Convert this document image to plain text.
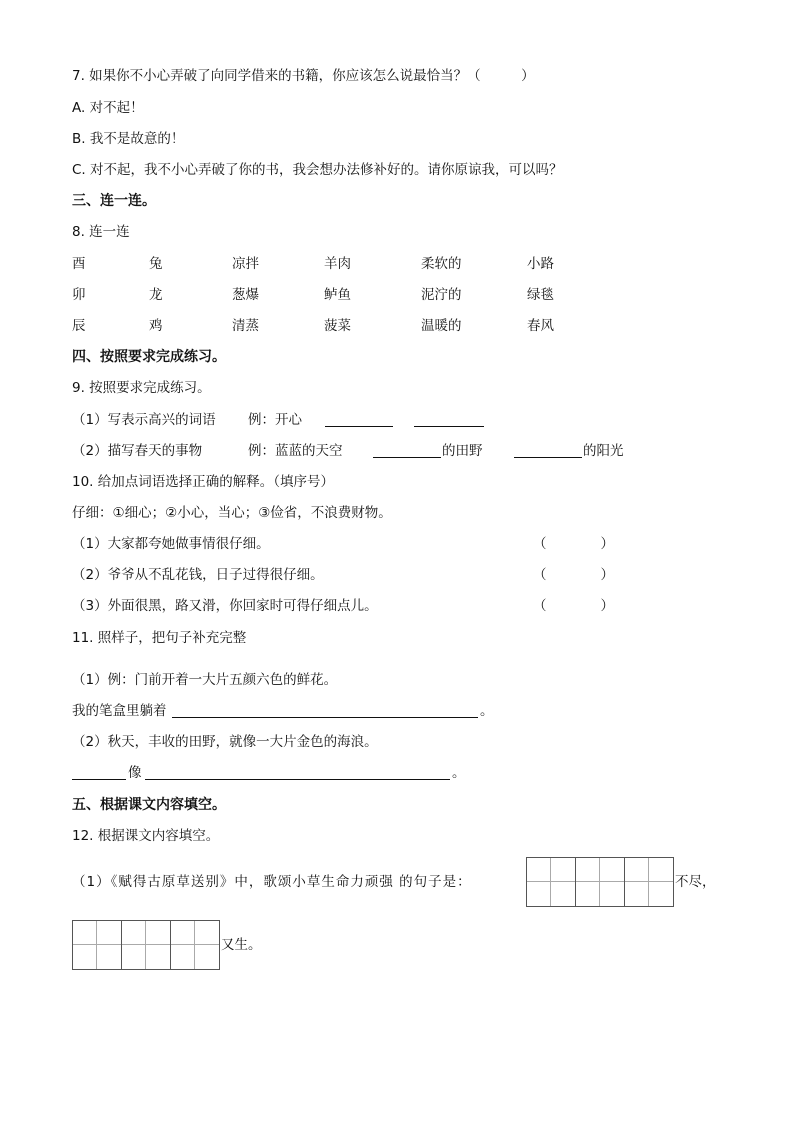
7. 如果你不小心弄破了向同学借来的书籍，你应该怎么说最恰当？（　　　）
A. 对不起！
B. 我不是故意的！
C. 对不起，我不小心弄破了你的书，我会想办法修补好的。请你原谅我，可以吗？
三、连一连。
8. 连一连
酉	兔	凉拌	羊肉	柔软的	小路
卯	龙	葱爆	鲈鱼	泥泞的	绿毯
辰	鸡	清蒸	菠菜	温暖的	春风
四、按照要求完成练习。
9. 按照要求完成练习。
（1）写表示高兴的词语 例：开心
（2）描写春天的事物	例：蓝蓝的天空	的田野	的阳光
10. 给加点词语选择正确的解释。（填序号）
仔细：①细心；②小心，当心；③俭省，不浪费财物。
（1）大家都夸她做事情很仔细。	（　　　　）
（2）爷爷从不乱花钱，日子过得很仔细。	（　　　　）
（3）外面很黑，路又滑，你回家时可得仔细点儿。	（　　　　）
11. 照样子，把句子补充完整
（1）例：门前开着一大片五颜六色的鲜花。
我的笔盒里躺着	。
（2）秋天，丰收的田野，就像一大片金色的海浪。
像	。
五、根据课文内容填空。
12. 根据课文内容填空。
（1）《赋得古原草送别》中，歌颂小草生命力顽强 的句子是：	不尽，
又生。
